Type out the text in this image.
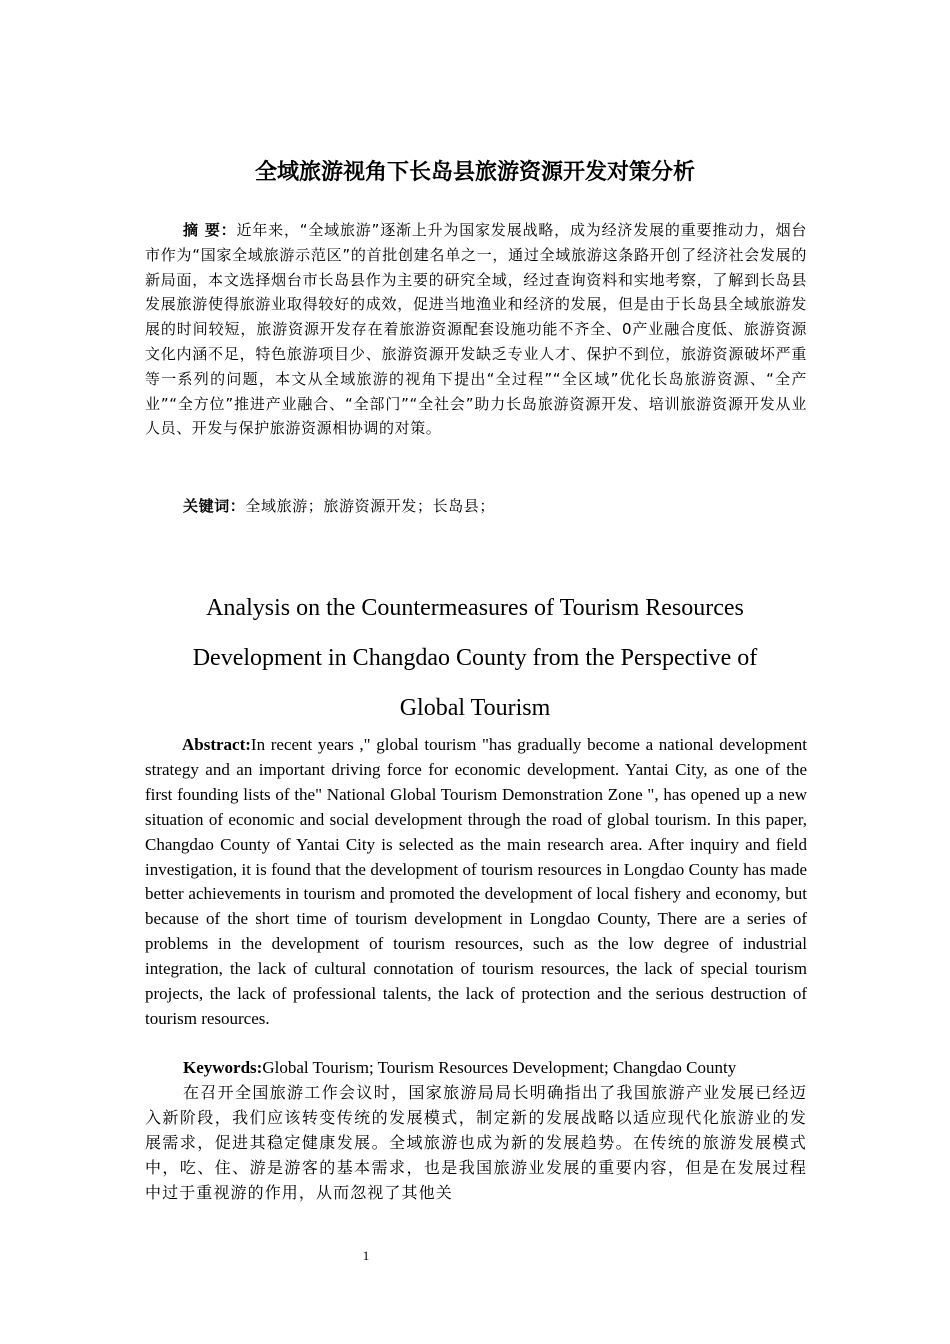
全域旅游视角下长岛县旅游资源开发对策分析
摘 要：近年来，“全域旅游”逐渐上升为国家发展战略，成为经济发展的重要推动力，烟台市作为“国家全域旅游示范区”的首批创建名单之一，通过全域旅游这条路开创了经济社会发展的新局面，本文选择烟台市长岛县作为主要的研究全域，经过查询资料和实地考察，了解到长岛县发展旅游使得旅游业取得较好的成效，促进当地渔业和经济的发展，但是由于长岛县全域旅游发展的时间较短，旅游资源开发存在着旅游资源配套设施功能不齐全、0产业融合度低、旅游资源文化内涵不足，特色旅游项目少、旅游资源开发缺乏专业人才、保护不到位，旅游资源破坏严重等一系列的问题，本文从全域旅游的视角下提出“全过程”“全区域”优化长岛旅游资源、“全产业”“全方位”推进产业融合、“全部门”“全社会”助力长岛旅游资源开发、培训旅游资源开发从业人员、开发与保护旅游资源相协调的对策。
关键词：全域旅游；旅游资源开发；长岛县；
Analysis on the Countermeasures of Tourism Resources
Development in Changdao County from the Perspective of
Global Tourism
Abstract:In recent years ," global tourism "has gradually become a national development strategy and an important driving force for economic development. Yantai City, as one of the first founding lists of the" National Global Tourism Demonstration Zone ", has opened up a new situation of economic and social development through the road of global tourism. In this paper, Changdao County of Yantai City is selected as the main research area. After inquiry and field investigation, it is found that the development of tourism resources in Longdao County has made better achievements in tourism and promoted the development of local fishery and economy, but because of the short time of tourism development in Longdao County, There are a series of problems in the development of tourism resources, such as the low degree of industrial integration, the lack of cultural connotation of tourism resources, the lack of special tourism projects, the lack of professional talents, the lack of protection and the serious destruction of tourism resources.
Keywords:Global Tourism; Tourism Resources Development; Changdao County
在召开全国旅游工作会议时，国家旅游局局长明确指出了我国旅游产业发展已经迈入新阶段，我们应该转变传统的发展模式，制定新的发展战略以适应现代化旅游业的发展需求，促进其稳定健康发展。全域旅游也成为新的发展趋势。在传统的旅游发展模式中，吃、住、游是游客的基本需求，也是我国旅游业发展的重要内容，但是在发展过程中过于重视游的作用，从而忽视了其他关
1
